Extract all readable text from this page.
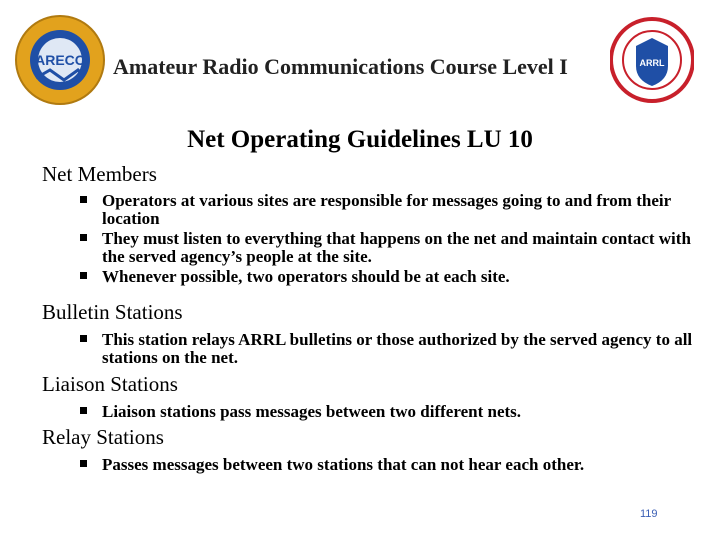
ARECC	ARRL
Amateur Radio Communications Course Level I
Net Operating Guidelines LU 10
Net Members
Operators at various sites are responsible for messages going to and from their location
They must listen to everything that happens on the net and maintain contact with the served agency’s people at the site.
Whenever possible, two operators should be at each site.
Bulletin Stations
This station relays ARRL bulletins or those authorized by the served agency to all stations on the net.
Liaison Stations
Liaison stations pass messages between two different nets.
Relay Stations
Passes messages between two stations that can not hear each other.
119
